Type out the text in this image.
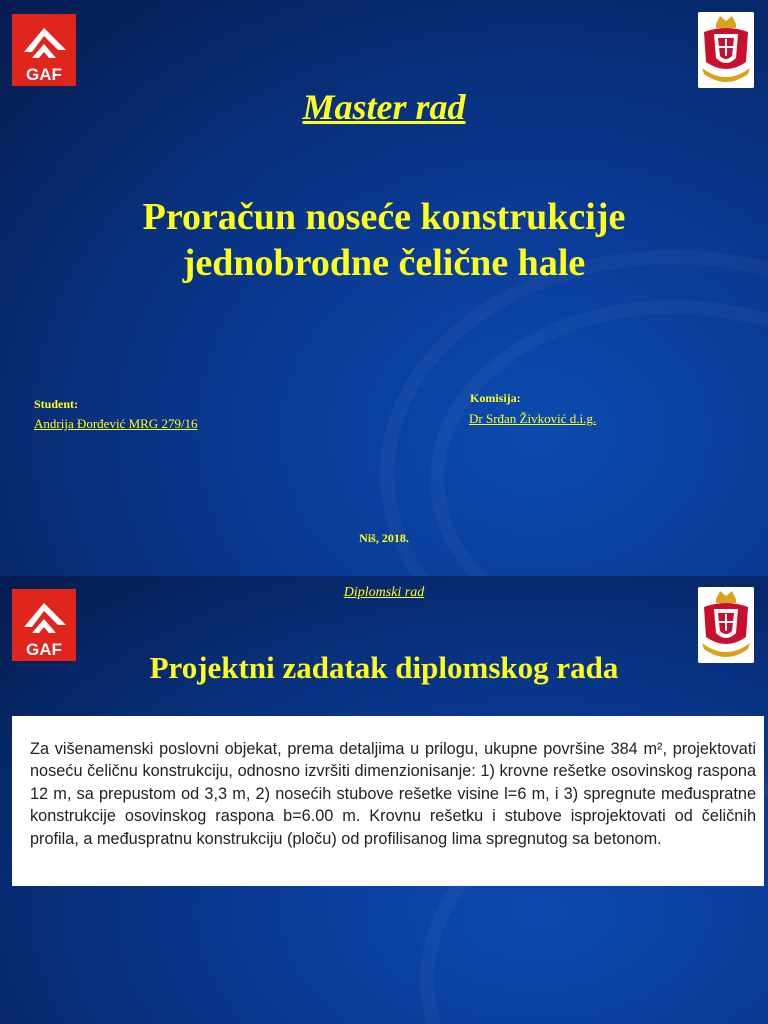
GAF
Master rad
Proračun noseće konstrukcije
jednobrodne čelične hale
Student:
Andrija Đorđević MRG 279/16
Komisija:
Dr Srđan Živković d.i.g.
Niš, 2018.
Diplomski rad
GAF
Projektni zadatak diplomskog rada
Za višenamenski poslovni objekat, prema detaljima u prilogu, ukupne površine 384 m², projektovati noseću čeličnu konstrukciju, odnosno izvršiti dimenzionisanje: 1) krovne rešetke osovinskog raspona 12 m, sa prepustom od 3,3 m, 2) nosećih stubove rešetke visine l=6 m, i 3) spregnute međuspratne konstrukcije osovinskog raspona b=6.00 m. Krovnu rešetku i stubove isprojektovati od čeličnih profila, a međuspratnu konstrukciju (ploču) od profilisanog lima spregnutog sa betonom.
